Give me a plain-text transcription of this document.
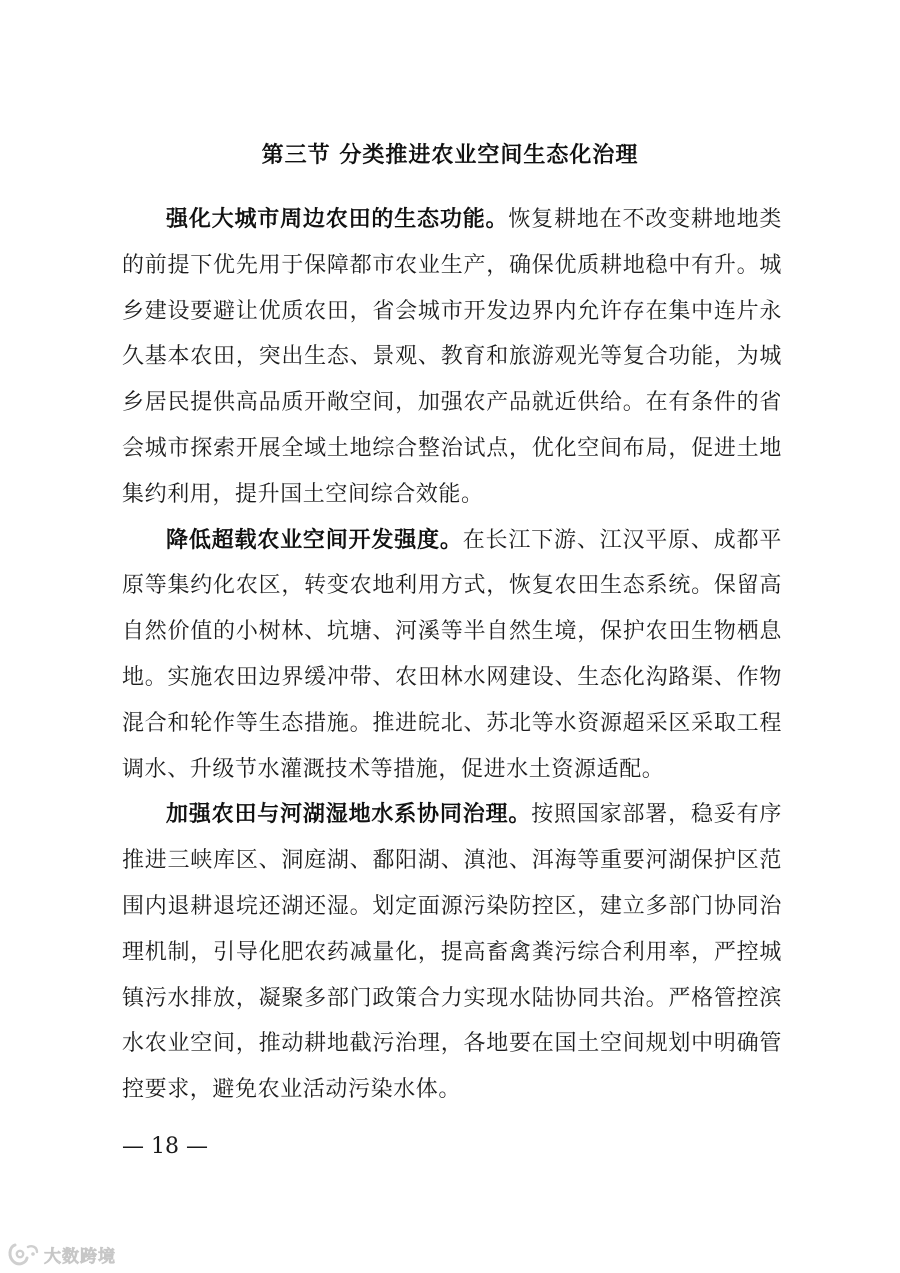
第三节 分类推进农业空间生态化治理

强化大城市周边农田的生态功能。恢复耕地在不改变耕地地类的前提下优先用于保障都市农业生产，确保优质耕地稳中有升。城乡建设要避让优质农田，省会城市开发边界内允许存在集中连片永久基本农田，突出生态、景观、教育和旅游观光等复合功能，为城乡居民提供高品质开敞空间，加强农产品就近供给。在有条件的省会城市探索开展全域土地综合整治试点，优化空间布局，促进土地集约利用，提升国土空间综合效能。

降低超载农业空间开发强度。在长江下游、江汉平原、成都平原等集约化农区，转变农地利用方式，恢复农田生态系统。保留高自然价值的小树林、坑塘、河溪等半自然生境，保护农田生物栖息地。实施农田边界缓冲带、农田林水网建设、生态化沟路渠、作物混合和轮作等生态措施。推进皖北、苏北等水资源超采区采取工程调水、升级节水灌溉技术等措施，促进水土资源适配。

加强农田与河湖湿地水系协同治理。按照国家部署，稳妥有序推进三峡库区、洞庭湖、鄱阳湖、滇池、洱海等重要河湖保护区范围内退耕退垸还湖还湿。划定面源污染防控区，建立多部门协同治理机制，引导化肥农药减量化，提高畜禽粪污综合利用率，严控城镇污水排放，凝聚多部门政策合力实现水陆协同共治。严格管控滨水农业空间，推动耕地截污治理，各地要在国土空间规划中明确管控要求，避免农业活动污染水体。

— 18 —
大数跨境
